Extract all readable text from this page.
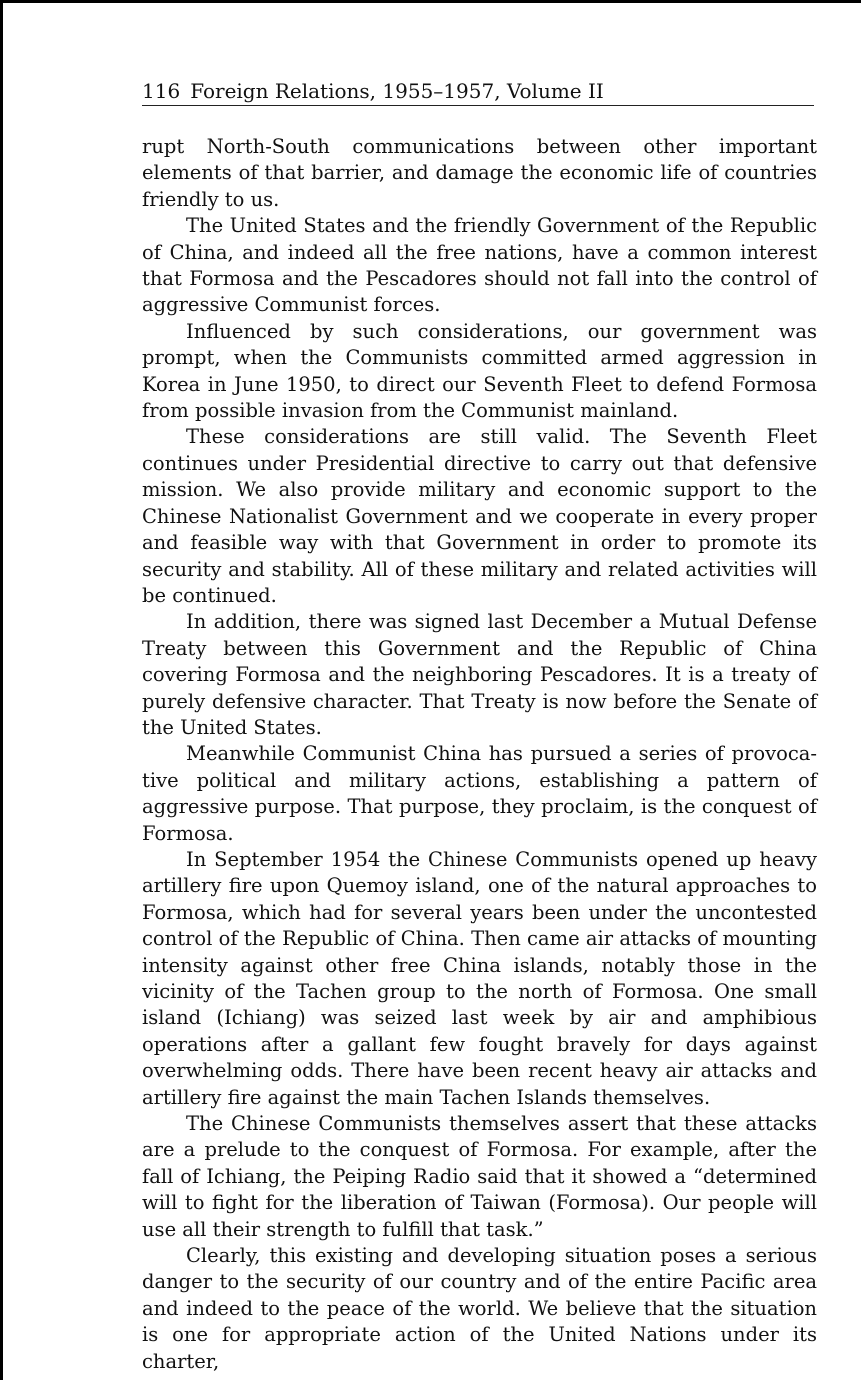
116 Foreign Relations, 1955–1957, Volume II

rupt North-South communications between other important elements of that barrier, and damage the economic life of countries friendly to us.

The United States and the friendly Government of the Republic of China, and indeed all the free nations, have a common interest that Formosa and the Pescadores should not fall into the control of aggressive Communist forces.

Influenced by such considerations, our government was prompt, when the Communists committed armed aggression in Korea in June 1950, to direct our Seventh Fleet to defend Formosa from possible invasion from the Communist mainland.

These considerations are still valid. The Seventh Fleet continues under Presidential directive to carry out that defensive mission. We also provide military and economic support to the Chinese Nationalist Government and we cooperate in every proper and feasible way with that Government in order to promote its security and stability. All of these military and related activities will be continued.

In addition, there was signed last December a Mutual Defense Treaty between this Government and the Republic of China covering Formosa and the neighboring Pescadores. It is a treaty of purely defensive character. That Treaty is now before the Senate of the United States.

Meanwhile Communist China has pursued a series of provocative political and military actions, establishing a pattern of aggressive purpose. That purpose, they proclaim, is the conquest of Formosa.

In September 1954 the Chinese Communists opened up heavy artillery fire upon Quemoy island, one of the natural approaches to Formosa, which had for several years been under the uncontested control of the Republic of China. Then came air attacks of mounting intensity against other free China islands, notably those in the vicinity of the Tachen group to the north of Formosa. One small island (Ichiang) was seized last week by air and amphibious operations after a gallant few fought bravely for days against overwhelming odds. There have been recent heavy air attacks and artillery fire against the main Tachen Islands themselves.

The Chinese Communists themselves assert that these attacks are a prelude to the conquest of Formosa. For example, after the fall of Ichiang, the Peiping Radio said that it showed a “determined will to fight for the liberation of Taiwan (Formosa). Our people will use all their strength to fulfill that task.”

Clearly, this existing and developing situation poses a serious danger to the security of our country and of the entire Pacific area and indeed to the peace of the world. We believe that the situation is one for appropriate action of the United Nations under its charter,
